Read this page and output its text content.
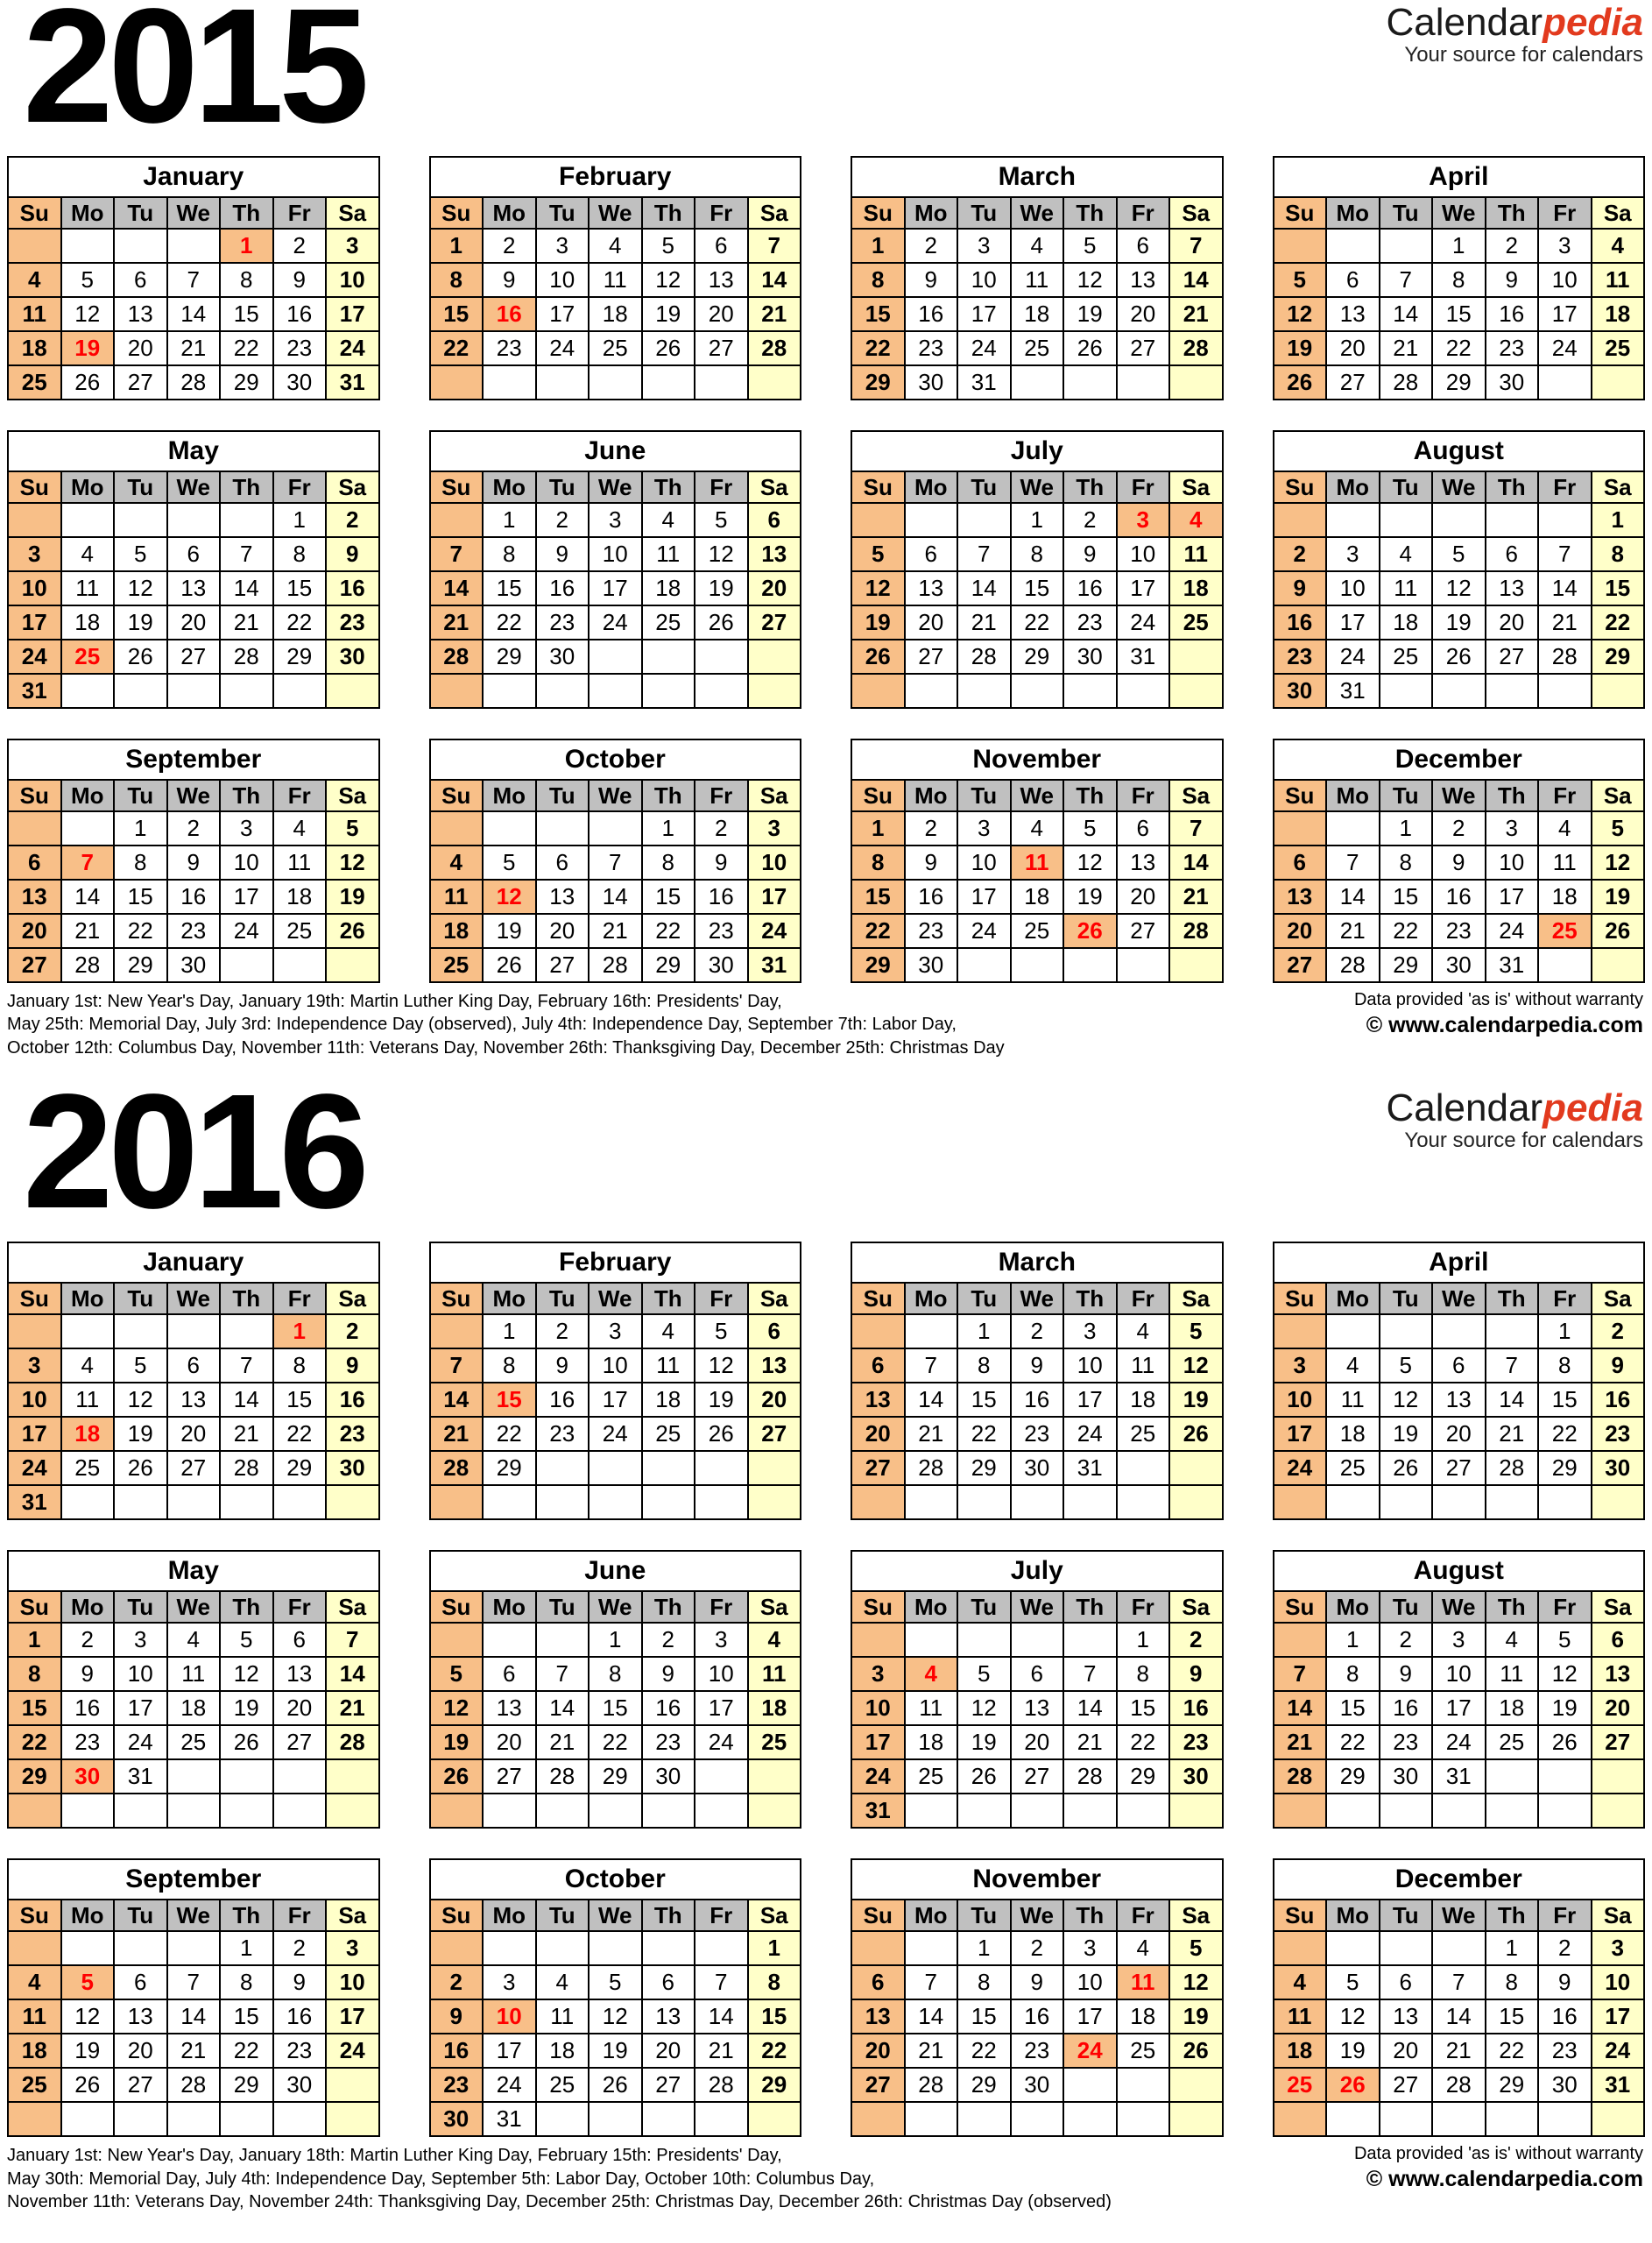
2015	Calendarpedia
Your source for calendars
January						
Su	Mo	Tu	We	Th	Fr	Sa
				1	2	3
4	5	6	7	8	9	10
11	12	13	14	15	16	17
18	19	20	21	22	23	24
25	26	27	28	29	30	31
February						
Su	Mo	Tu	We	Th	Fr	Sa
1	2	3	4	5	6	7
8	9	10	11	12	13	14
15	16	17	18	19	20	21
22	23	24	25	26	27	28

March						
Su	Mo	Tu	We	Th	Fr	Sa
1	2	3	4	5	6	7
8	9	10	11	12	13	14
15	16	17	18	19	20	21
22	23	24	25	26	27	28
29	30	31				
April						
Su	Mo	Tu	We	Th	Fr	Sa
			1	2	3	4
5	6	7	8	9	10	11
12	13	14	15	16	17	18
19	20	21	22	23	24	25
26	27	28	29	30		
May						
Su	Mo	Tu	We	Th	Fr	Sa
					1	2
3	4	5	6	7	8	9
10	11	12	13	14	15	16
17	18	19	20	21	22	23
24	25	26	27	28	29	30
31						
June						
Su	Mo	Tu	We	Th	Fr	Sa
	1	2	3	4	5	6
7	8	9	10	11	12	13
14	15	16	17	18	19	20
21	22	23	24	25	26	27
28	29	30				

July						
Su	Mo	Tu	We	Th	Fr	Sa
			1	2	3	4
5	6	7	8	9	10	11
12	13	14	15	16	17	18
19	20	21	22	23	24	25
26	27	28	29	30	31	

August						
Su	Mo	Tu	We	Th	Fr	Sa
						1
2	3	4	5	6	7	8
9	10	11	12	13	14	15
16	17	18	19	20	21	22
23	24	25	26	27	28	29
30	31					
September						
Su	Mo	Tu	We	Th	Fr	Sa
		1	2	3	4	5
6	7	8	9	10	11	12
13	14	15	16	17	18	19
20	21	22	23	24	25	26
27	28	29	30			
October						
Su	Mo	Tu	We	Th	Fr	Sa
				1	2	3
4	5	6	7	8	9	10
11	12	13	14	15	16	17
18	19	20	21	22	23	24
25	26	27	28	29	30	31
November						
Su	Mo	Tu	We	Th	Fr	Sa
1	2	3	4	5	6	7
8	9	10	11	12	13	14
15	16	17	18	19	20	21
22	23	24	25	26	27	28
29	30					
December						
Su	Mo	Tu	We	Th	Fr	Sa
		1	2	3	4	5
6	7	8	9	10	11	12
13	14	15	16	17	18	19
20	21	22	23	24	25	26
27	28	29	30	31		
January 1st: New Year's Day, January 19th: Martin Luther King Day, February 16th: Presidents' Day,
May 25th: Memorial Day, July 3rd: Independence Day (observed), July 4th: Independence Day, September 7th: Labor Day,
October 12th: Columbus Day, November 11th: Veterans Day, November 26th: Thanksgiving Day, December 25th: Christmas Day
Data provided 'as is' without warranty
© www.calendarpedia.com
2016	Calendarpedia
Your source for calendars
January						
Su	Mo	Tu	We	Th	Fr	Sa
					1	2
3	4	5	6	7	8	9
10	11	12	13	14	15	16
17	18	19	20	21	22	23
24	25	26	27	28	29	30
31						
February						
Su	Mo	Tu	We	Th	Fr	Sa
	1	2	3	4	5	6
7	8	9	10	11	12	13
14	15	16	17	18	19	20
21	22	23	24	25	26	27
28	29					

March						
Su	Mo	Tu	We	Th	Fr	Sa
		1	2	3	4	5
6	7	8	9	10	11	12
13	14	15	16	17	18	19
20	21	22	23	24	25	26
27	28	29	30	31		

April						
Su	Mo	Tu	We	Th	Fr	Sa
					1	2
3	4	5	6	7	8	9
10	11	12	13	14	15	16
17	18	19	20	21	22	23
24	25	26	27	28	29	30

May						
Su	Mo	Tu	We	Th	Fr	Sa
1	2	3	4	5	6	7
8	9	10	11	12	13	14
15	16	17	18	19	20	21
22	23	24	25	26	27	28
29	30	31				

June						
Su	Mo	Tu	We	Th	Fr	Sa
			1	2	3	4
5	6	7	8	9	10	11
12	13	14	15	16	17	18
19	20	21	22	23	24	25
26	27	28	29	30		

July						
Su	Mo	Tu	We	Th	Fr	Sa
					1	2
3	4	5	6	7	8	9
10	11	12	13	14	15	16
17	18	19	20	21	22	23
24	25	26	27	28	29	30
31						
August						
Su	Mo	Tu	We	Th	Fr	Sa
	1	2	3	4	5	6
7	8	9	10	11	12	13
14	15	16	17	18	19	20
21	22	23	24	25	26	27
28	29	30	31			

September						
Su	Mo	Tu	We	Th	Fr	Sa
				1	2	3
4	5	6	7	8	9	10
11	12	13	14	15	16	17
18	19	20	21	22	23	24
25	26	27	28	29	30	

October						
Su	Mo	Tu	We	Th	Fr	Sa
						1
2	3	4	5	6	7	8
9	10	11	12	13	14	15
16	17	18	19	20	21	22
23	24	25	26	27	28	29
30	31					
November						
Su	Mo	Tu	We	Th	Fr	Sa
		1	2	3	4	5
6	7	8	9	10	11	12
13	14	15	16	17	18	19
20	21	22	23	24	25	26
27	28	29	30			

December						
Su	Mo	Tu	We	Th	Fr	Sa
				1	2	3
4	5	6	7	8	9	10
11	12	13	14	15	16	17
18	19	20	21	22	23	24
25	26	27	28	29	30	31

January 1st: New Year's Day, January 18th: Martin Luther King Day, February 15th: Presidents' Day,
May 30th: Memorial Day, July 4th: Independence Day, September 5th: Labor Day, October 10th: Columbus Day,
November 11th: Veterans Day, November 24th: Thanksgiving Day, December 25th: Christmas Day, December 26th: Christmas Day (observed)
Data provided 'as is' without warranty
© www.calendarpedia.com
